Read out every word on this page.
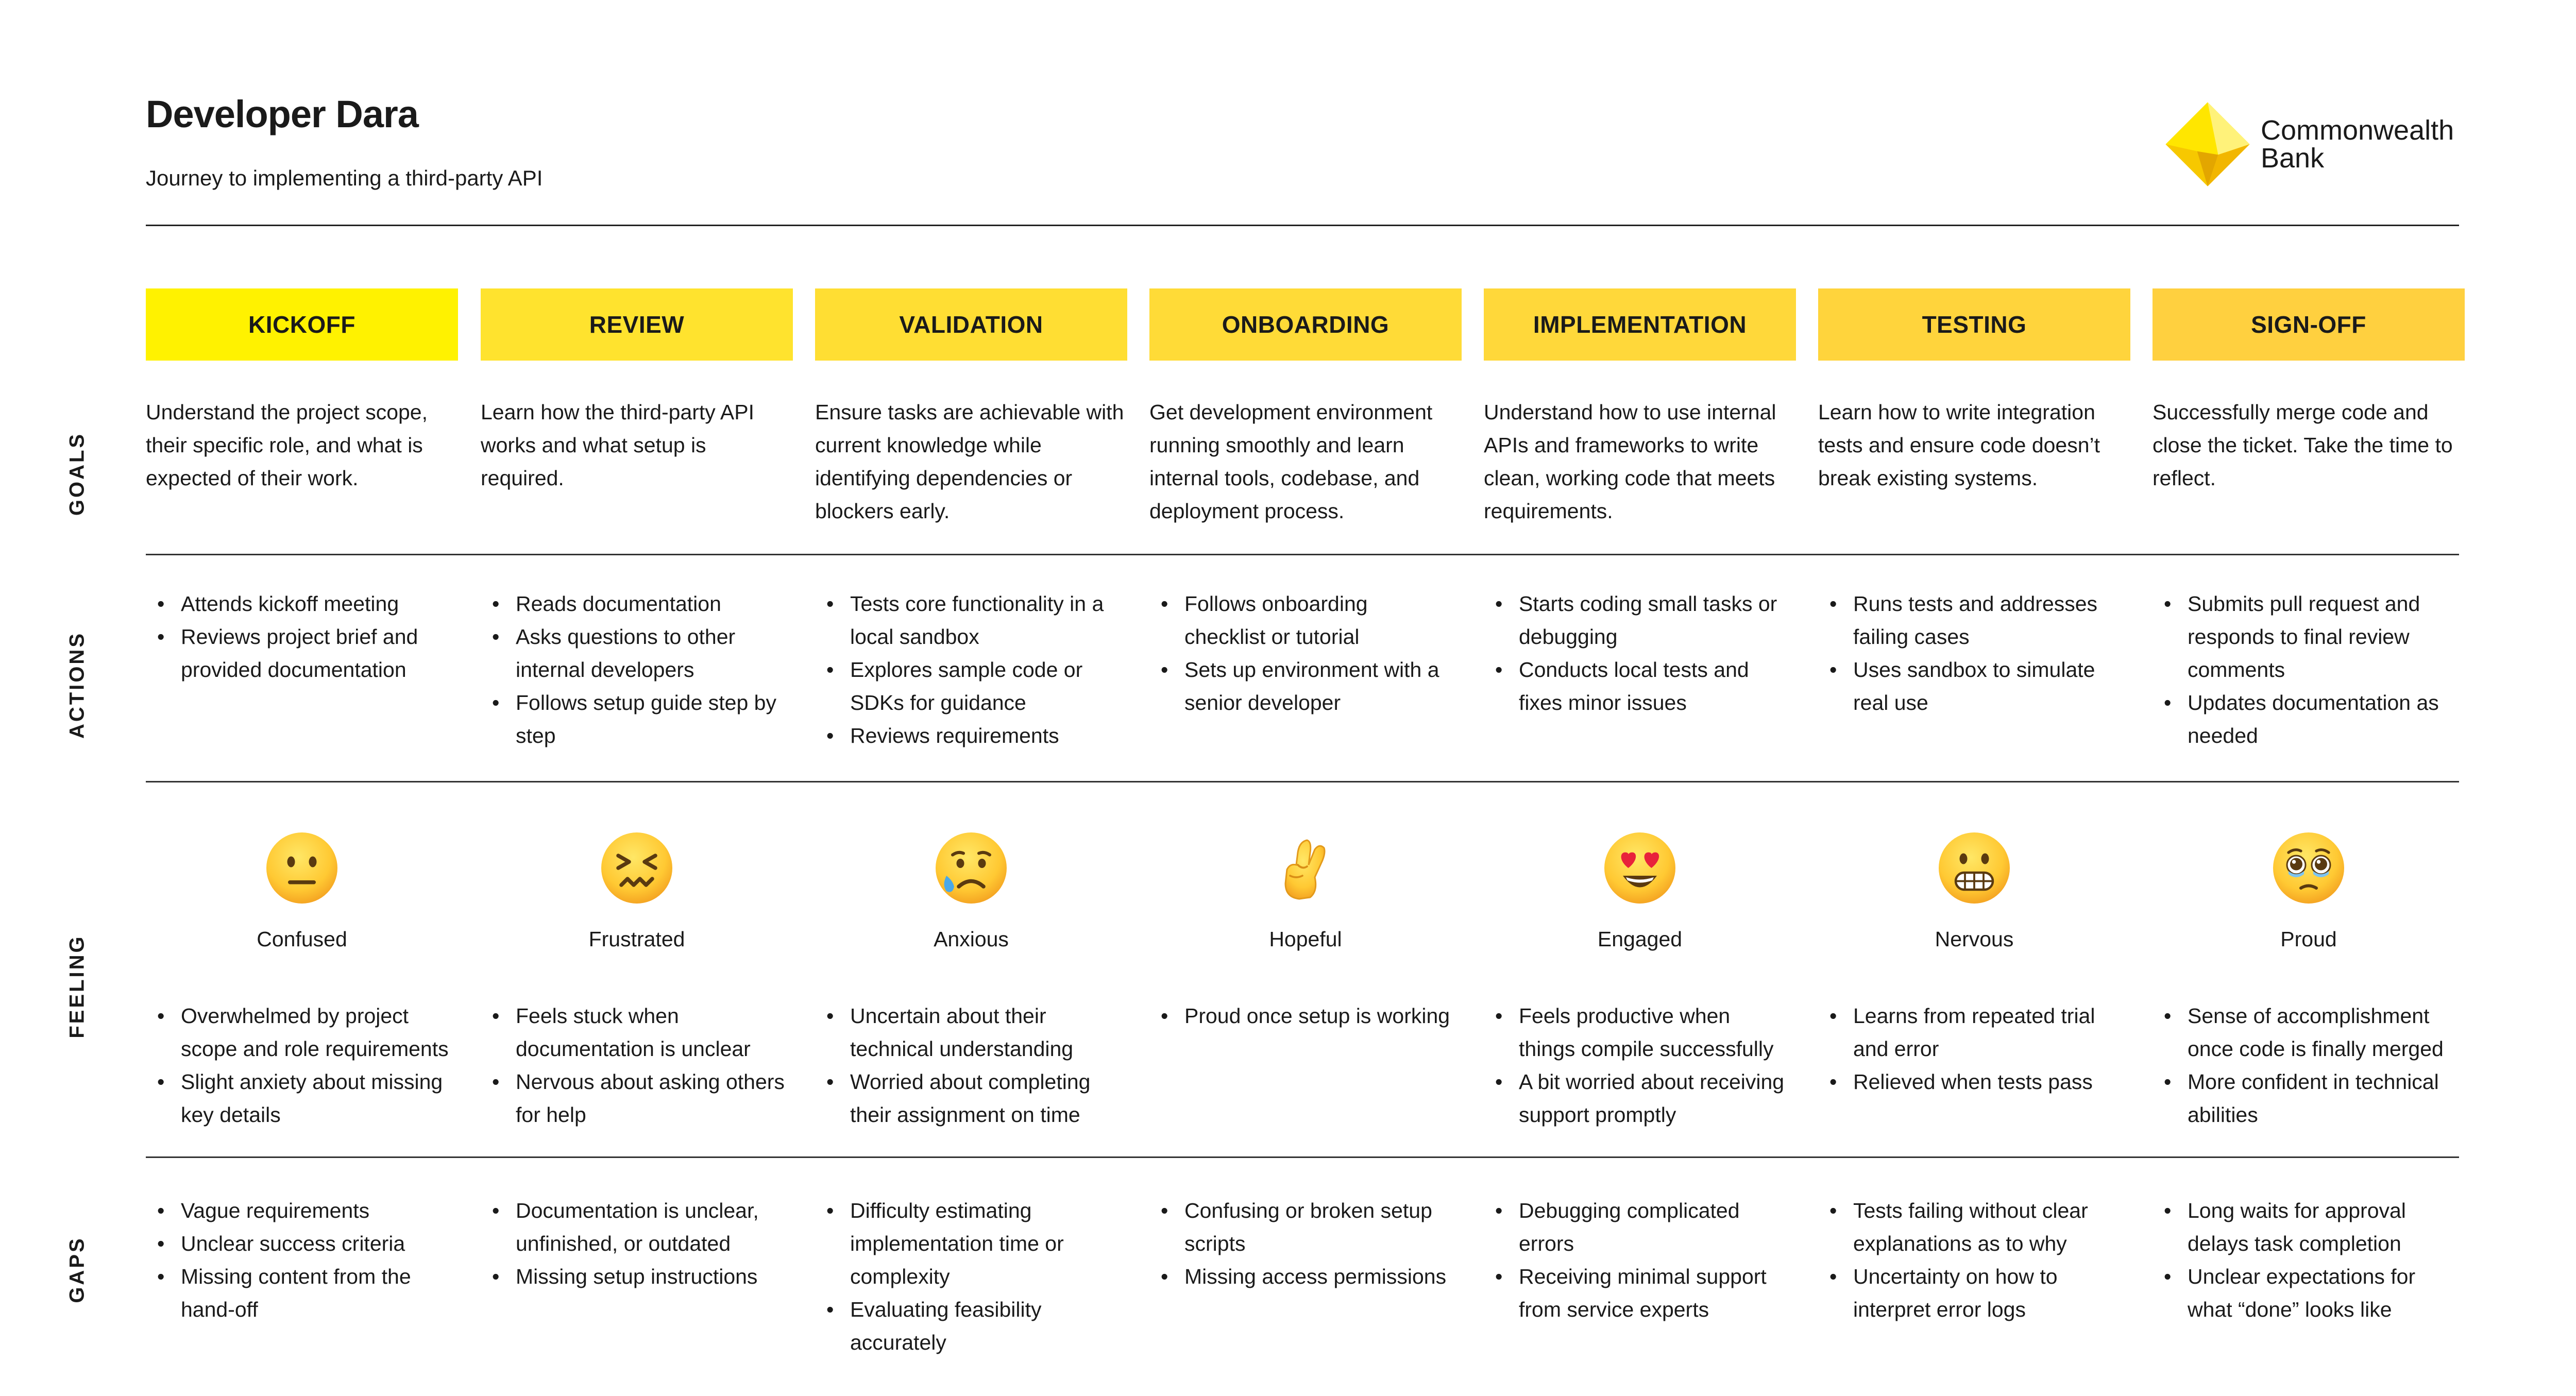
Developer Dara
Journey to implementing a third-party API
Commonwealth
Bank
GOALS
ACTIONS
FEELING
GAPS
KICKOFF

Understand the project scope, their specific role, and what is expected of their work.

• Attends kickoff meeting
• Reviews project brief and provided documentation
Confused
• Overwhelmed by project scope and role requirements
• Slight anxiety about missing key details
• Vague requirements
• Unclear success criteria
• Missing content from the hand-off
REVIEW

Learn how the third-party API works and what setup is required.

• Reads documentation
• Asks questions to other internal developers
• Follows setup guide step by step
Frustrated
• Feels stuck when documentation is unclear
• Nervous about asking others for help
• Documentation is unclear, unfinished, or outdated
• Missing setup instructions
VALIDATION

Ensure tasks are achievable with current knowledge while identifying dependencies or blockers early.

• Tests core functionality in a local sandbox
• Explores sample code or SDKs for guidance
• Reviews requirements
Anxious
• Uncertain about their technical understanding
• Worried about completing their assignment on time
• Difficulty estimating implementation time or complexity
• Evaluating feasibility accurately
ONBOARDING

Get development environment running smoothly and learn internal tools, codebase, and deployment process.

• Follows onboarding checklist or tutorial
• Sets up environment with a senior developer
Hopeful
• Proud once setup is working
• Confusing or broken setup scripts
• Missing access permissions
IMPLEMENTATION

Understand how to use internal APIs and frameworks to write clean, working code that meets requirements.

• Starts coding small tasks or debugging
• Conducts local tests and fixes minor issues
Engaged
• Feels productive when things compile successfully
• A bit worried about receiving support promptly
• Debugging complicated errors
• Receiving minimal support from service experts
TESTING

Learn how to write integration tests and ensure code doesn’t break existing systems.

• Runs tests and addresses failing cases
• Uses sandbox to simulate real use
Nervous
• Learns from repeated trial and error
• Relieved when tests pass
• Tests failing without clear explanations as to why
• Uncertainty on how to interpret error logs
SIGN-OFF

Successfully merge code and close the ticket. Take the time to reflect.

• Submits pull request and responds to final review comments
• Updates documentation as needed
Proud
• Sense of accomplishment once code is finally merged
• More confident in technical abilities
• Long waits for approval delays task completion
• Unclear expectations for what “done” looks like
